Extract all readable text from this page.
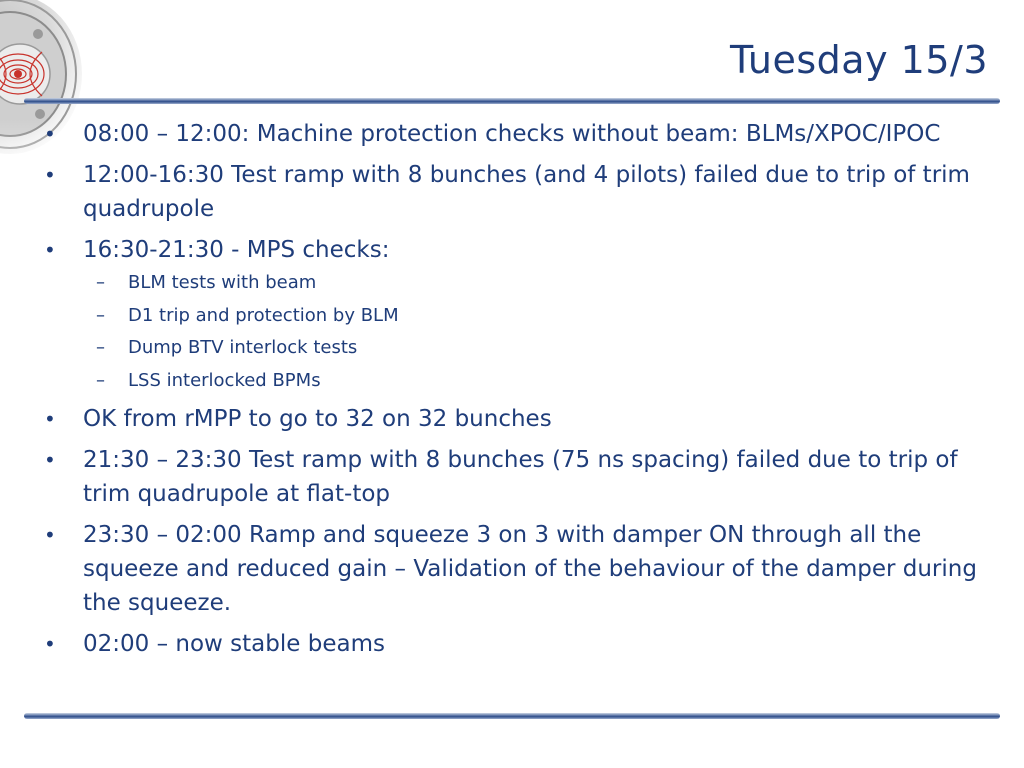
Tuesday 15/3
• 08:00 – 12:00: Machine protection checks without beam: BLMs/XPOC/IPOC
• 12:00-16:30 Test ramp with 8 bunches (and 4 pilots) failed due to trip of trim quadrupole
• 16:30-21:30 - MPS checks:
– BLM tests with beam
– D1 trip and protection by BLM
– Dump BTV interlock tests
– LSS interlocked BPMs
• OK from rMPP to go to 32 on 32 bunches
• 21:30 – 23:30 Test ramp with 8 bunches (75 ns spacing) failed due to trip of trim quadrupole at flat-top
• 23:30 – 02:00 Ramp and squeeze 3 on 3 with damper ON through all the squeeze and reduced gain – Validation of the behaviour of the damper during the squeeze.
• 02:00 – now stable beams
